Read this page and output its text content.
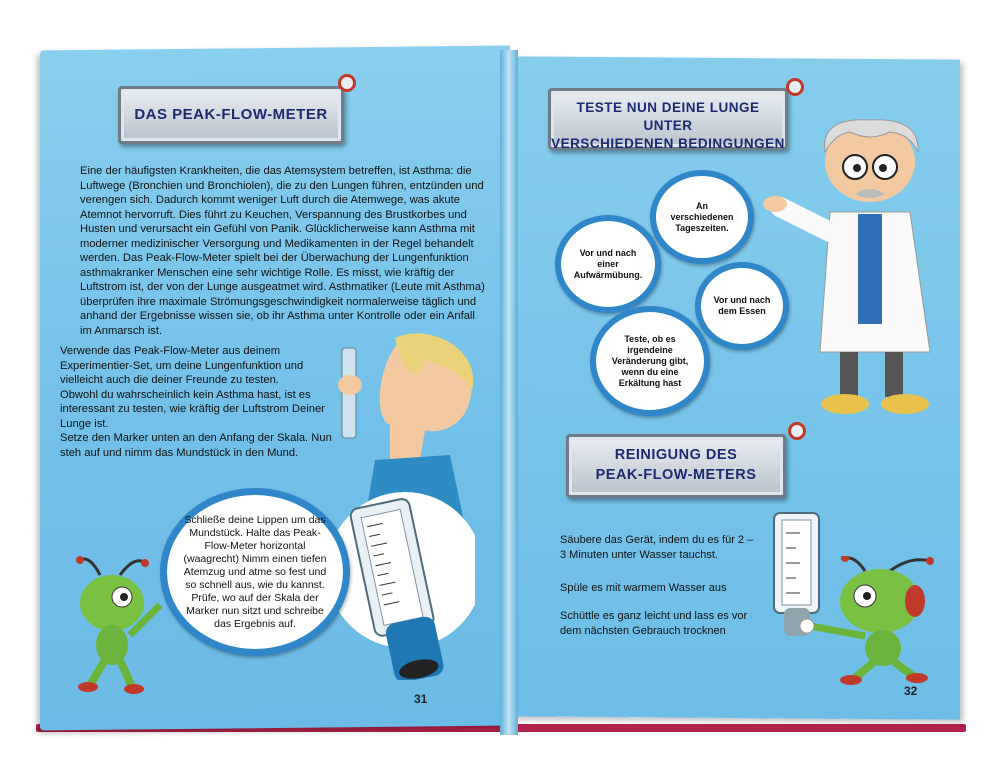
DAS PEAK-FLOW-METER
Eine der häufigsten Krankheiten, die das Atemsystem betreffen, ist Asthma: die Luftwege (Bronchien und Bronchiolen), die zu den Lungen führen, entzünden und verengen sich. Dadurch kommt weniger Luft durch die Atemwege, was akute Atemnot hervorruft. Dies führt zu Keuchen, Verspannung des Brustkorbes und Husten und verursacht ein Gefühl von Panik. Glücklicherweise kann Asthma mit moderner medizinischer Versorgung und Medikamenten in der Regel behandelt werden. Das Peak-Flow-Meter spielt bei der Überwachung der Lungenfunktion asthmakranker Menschen eine sehr wichtige Rolle. Es misst, wie kräftig der Luftstrom ist, der von der Lunge ausgeatmet wird. Asthmatiker (Leute mit Asthma) überprüfen ihre maximale Strömungsgeschwindigkeit normalerweise täglich und anhand der Ergebnisse wissen sie, ob ihr Asthma unter Kontrolle oder ein Anfall im Anmarsch ist.
Verwende das Peak-Flow-Meter aus deinem Experimentier-Set, um deine Lungenfunktion und vielleicht auch die deiner Freunde zu testen.
Obwohl du wahrscheinlich kein Asthma hast, ist es interessant zu testen, wie kräftig der Luftstrom Deiner Lunge ist.
Setze den Marker unten an den Anfang der Skala. Nun steh auf und nimm das Mundstück in den Mund.
Schließe deine Lippen um das Mundstück. Halte das Peak-Flow-Meter horizontal (waagrecht) Nimm einen tiefen Atemzug und atme so fest und so schnell aus, wie du kannst. Prüfe, wo auf der Skala der Marker nun sitzt und schreibe das Ergebnis auf.
31
TESTE NUN DEINE LUNGE UNTER
VERSCHIEDENEN BEDINGUNGEN
An verschiedenen Tageszeiten.
Vor und nach einer Aufwärmübung.
Vor und nach dem Essen
Teste, ob es irgendeine Veränderung gibt, wenn du eine Erkältung hast
REINIGUNG DES
PEAK-FLOW-METERS
Säubere das Gerät, indem du es für 2 – 3 Minuten unter Wasser tauchst.
Spüle es mit warmem Wasser aus
Schüttle es ganz leicht und lass es vor dem nächsten Gebrauch trocknen
32
